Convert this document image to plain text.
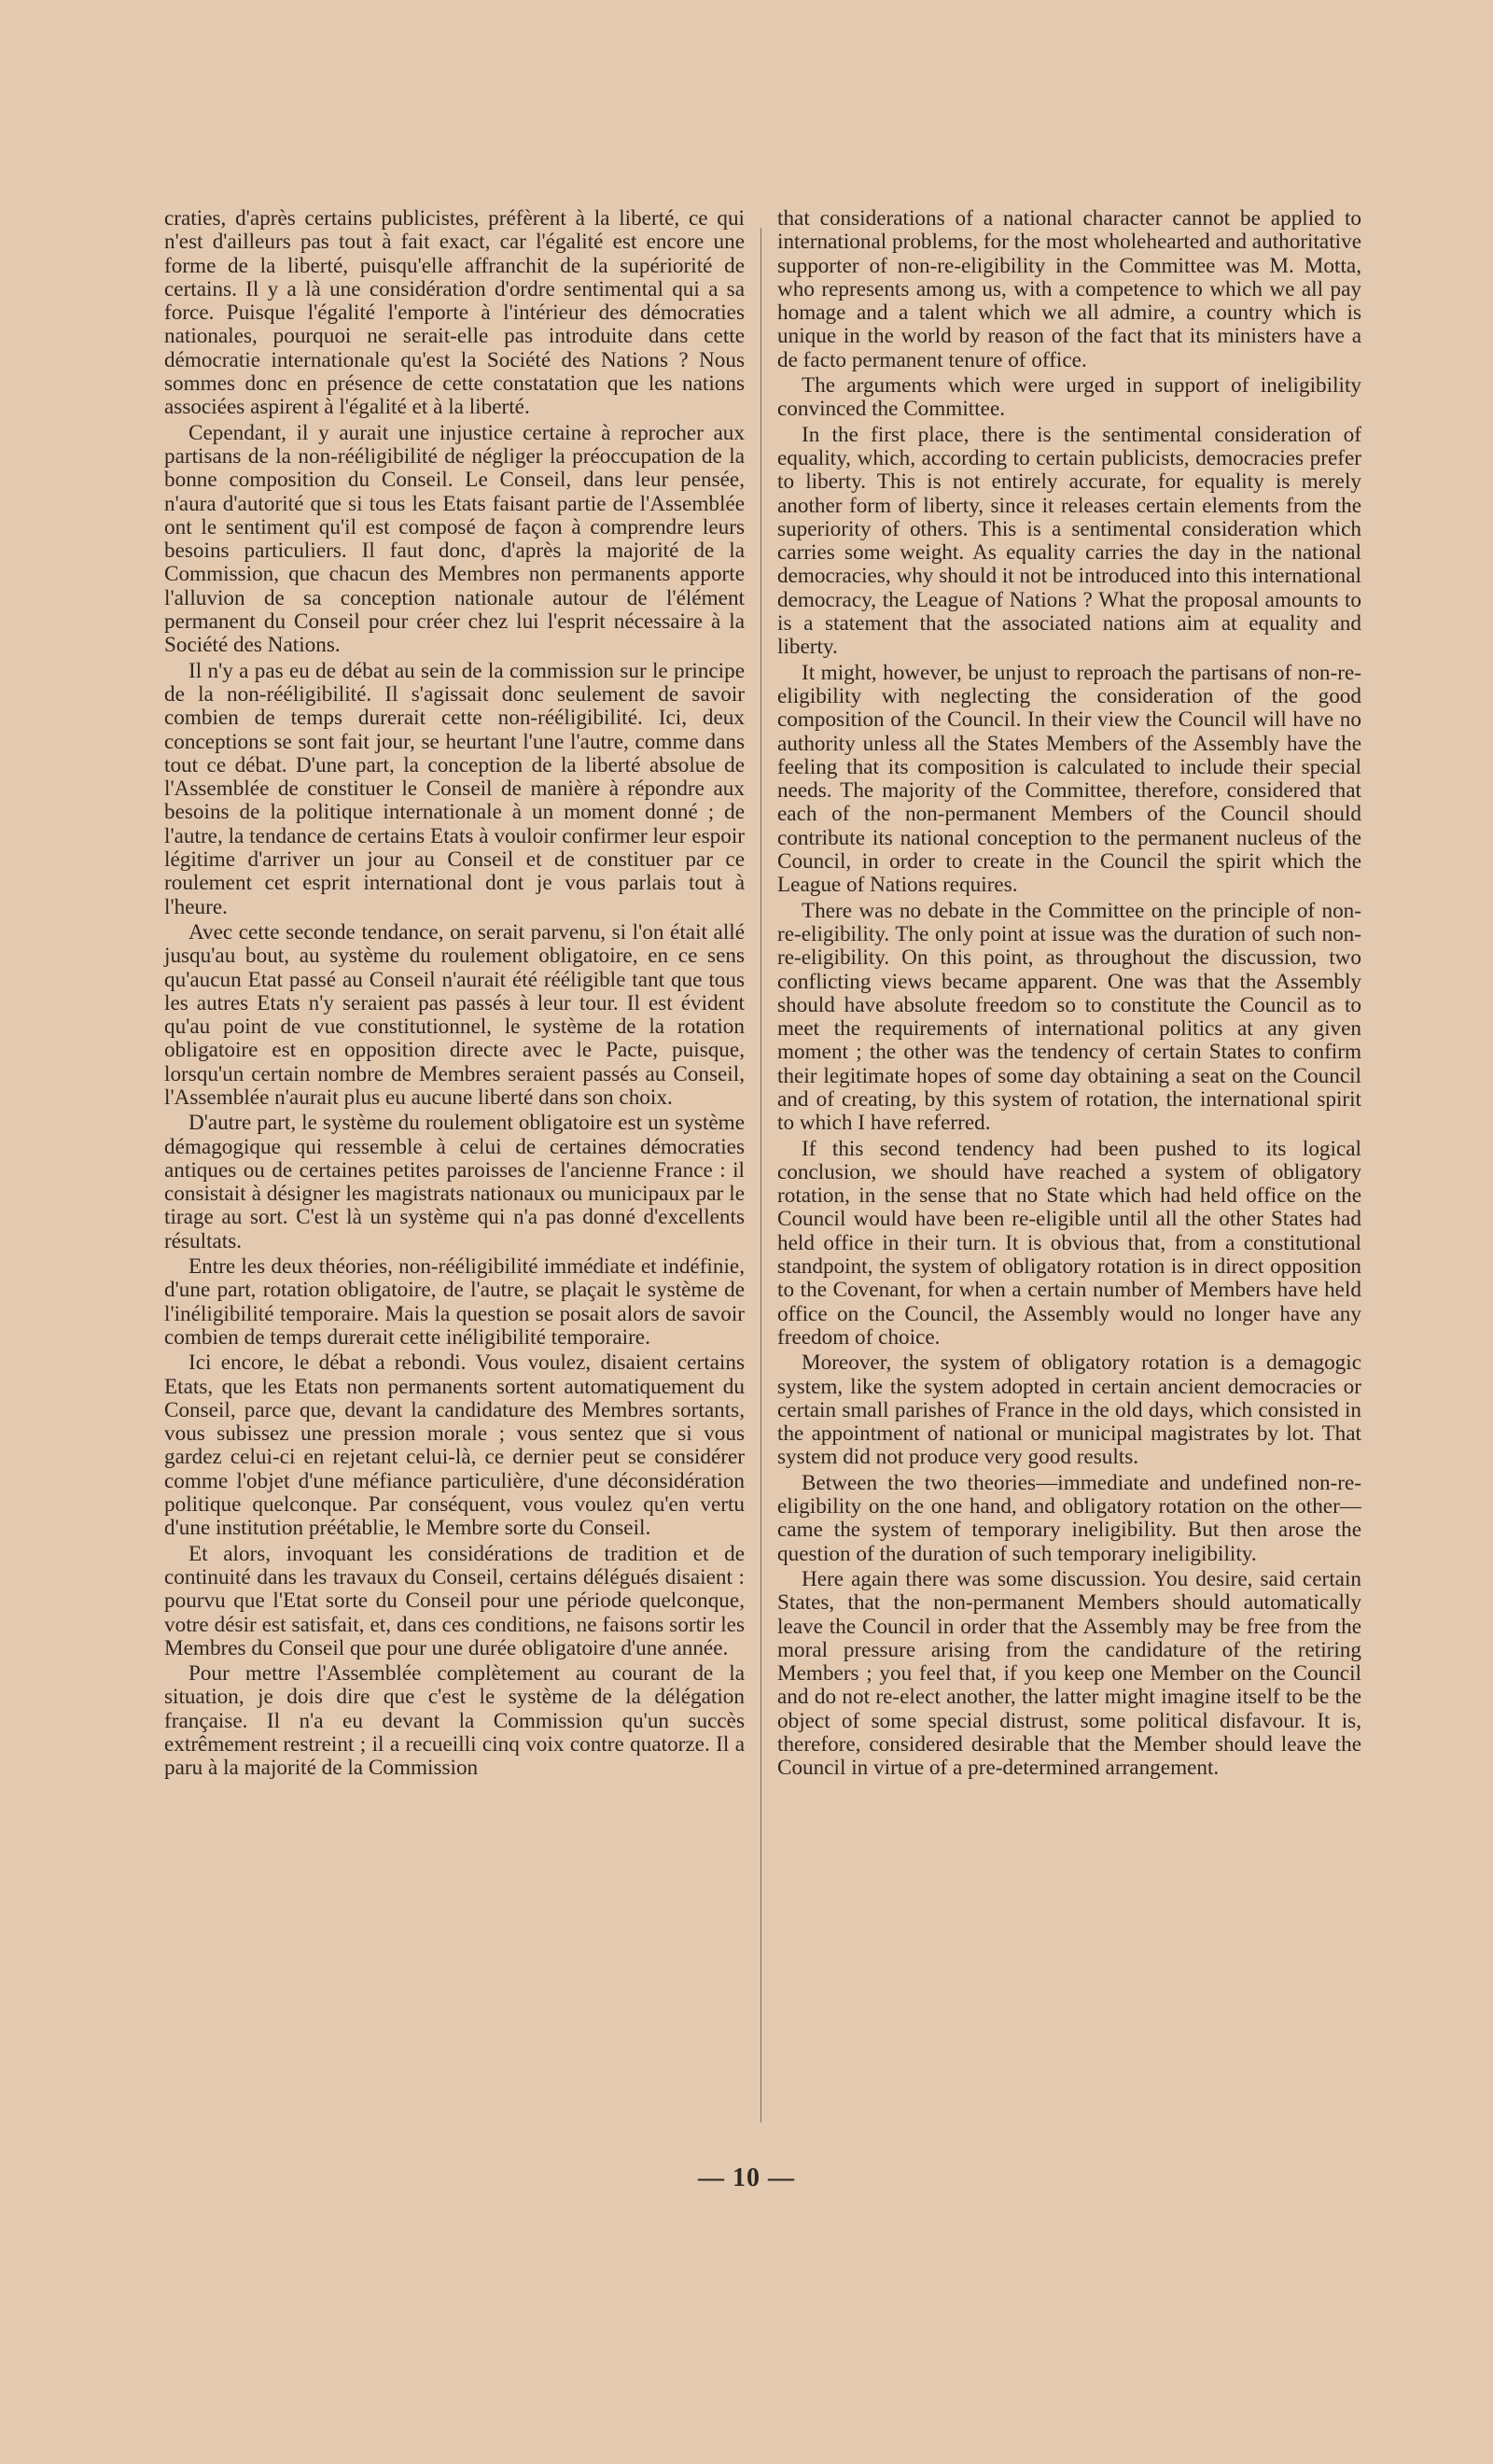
craties, d'après certains publicistes, préfèrent à la liberté, ce qui n'est d'ailleurs pas tout à fait exact, car l'égalité est encore une forme de la liberté, puisqu'elle affranchit de la supériorité de certains. Il y a là une considération d'ordre sentimental qui a sa force. Puisque l'égalité l'emporte à l'intérieur des démocraties nationales, pourquoi ne serait-elle pas introduite dans cette démocratie internationale qu'est la Société des Nations ? Nous sommes donc en présence de cette constatation que les nations associées aspirent à l'égalité et à la liberté.

Cependant, il y aurait une injustice certaine à reprocher aux partisans de la non-rééligibilité de négliger la préoccupation de la bonne composition du Conseil. Le Conseil, dans leur pensée, n'aura d'autorité que si tous les Etats faisant partie de l'Assemblée ont le sentiment qu'il est composé de façon à comprendre leurs besoins particuliers. Il faut donc, d'après la majorité de la Commission, que chacun des Membres non permanents apporte l'alluvion de sa conception nationale autour de l'élément permanent du Conseil pour créer chez lui l'esprit nécessaire à la Société des Nations.

Il n'y a pas eu de débat au sein de la commission sur le principe de la non-rééligibilité. Il s'agissait donc seulement de savoir combien de temps durerait cette non-rééligibilité. Ici, deux conceptions se sont fait jour, se heurtant l'une l'autre, comme dans tout ce débat. D'une part, la conception de la liberté absolue de l'Assemblée de constituer le Conseil de manière à répondre aux besoins de la politique internationale à un moment donné ; de l'autre, la tendance de certains Etats à vouloir confirmer leur espoir légitime d'arriver un jour au Conseil et de constituer par ce roulement cet esprit international dont je vous parlais tout à l'heure.

Avec cette seconde tendance, on serait parvenu, si l'on était allé jusqu'au bout, au système du roulement obligatoire, en ce sens qu'aucun Etat passé au Conseil n'aurait été rééligible tant que tous les autres Etats n'y seraient pas passés à leur tour. Il est évident qu'au point de vue constitutionnel, le système de la rotation obligatoire est en opposition directe avec le Pacte, puisque, lorsqu'un certain nombre de Membres seraient passés au Conseil, l'Assemblée n'aurait plus eu aucune liberté dans son choix.

D'autre part, le système du roulement obligatoire est un système démagogique qui ressemble à celui de certaines démocraties antiques ou de certaines petites paroisses de l'ancienne France : il consistait à désigner les magistrats nationaux ou municipaux par le tirage au sort. C'est là un système qui n'a pas donné d'excellents résultats.

Entre les deux théories, non-rééligibilité immédiate et indéfinie, d'une part, rotation obligatoire, de l'autre, se plaçait le système de l'inéligibilité temporaire. Mais la question se posait alors de savoir combien de temps durerait cette inéligibilité temporaire.

Ici encore, le débat a rebondi. Vous voulez, disaient certains Etats, que les Etats non permanents sortent automatiquement du Conseil, parce que, devant la candidature des Membres sortants, vous subissez une pression morale ; vous sentez que si vous gardez celui-ci en rejetant celui-là, ce dernier peut se considérer comme l'objet d'une méfiance particulière, d'une déconsidération politique quelconque. Par conséquent, vous voulez qu'en vertu d'une institution préétablie, le Membre sorte du Conseil.

Et alors, invoquant les considérations de tradition et de continuité dans les travaux du Conseil, certains délégués disaient : pourvu que l'Etat sorte du Conseil pour une période quelconque, votre désir est satisfait, et, dans ces conditions, ne faisons sortir les Membres du Conseil que pour une durée obligatoire d'une année.

Pour mettre l'Assemblée complètement au courant de la situation, je dois dire que c'est le système de la délégation française. Il n'a eu devant la Commission qu'un succès extrêmement restreint ; il a recueilli cinq voix contre quatorze. Il a paru à la majorité de la Commission

that considerations of a national character cannot be applied to international problems, for the most wholehearted and authoritative supporter of non-re-eligibility in the Committee was M. Motta, who represents among us, with a competence to which we all pay homage and a talent which we all admire, a country which is unique in the world by reason of the fact that its ministers have a de facto permanent tenure of office.

The arguments which were urged in support of ineligibility convinced the Committee.

In the first place, there is the sentimental consideration of equality, which, according to certain publicists, democracies prefer to liberty. This is not entirely accurate, for equality is merely another form of liberty, since it releases certain elements from the superiority of others. This is a sentimental consideration which carries some weight. As equality carries the day in the national democracies, why should it not be introduced into this international democracy, the League of Nations ? What the proposal amounts to is a statement that the associated nations aim at equality and liberty.

It might, however, be unjust to reproach the partisans of non-re-eligibility with neglecting the consideration of the good composition of the Council. In their view the Council will have no authority unless all the States Members of the Assembly have the feeling that its composition is calculated to include their special needs. The majority of the Committee, therefore, considered that each of the non-permanent Members of the Council should contribute its national conception to the permanent nucleus of the Council, in order to create in the Council the spirit which the League of Nations requires.

There was no debate in the Committee on the principle of non-re-eligibility. The only point at issue was the duration of such non-re-eligibility. On this point, as throughout the discussion, two conflicting views became apparent. One was that the Assembly should have absolute freedom so to constitute the Council as to meet the requirements of international politics at any given moment ; the other was the tendency of certain States to confirm their legitimate hopes of some day obtaining a seat on the Council and of creating, by this system of rotation, the international spirit to which I have referred.

If this second tendency had been pushed to its logical conclusion, we should have reached a system of obligatory rotation, in the sense that no State which had held office on the Council would have been re-eligible until all the other States had held office in their turn. It is obvious that, from a constitutional standpoint, the system of obligatory rotation is in direct opposition to the Covenant, for when a certain number of Members have held office on the Council, the Assembly would no longer have any freedom of choice.

Moreover, the system of obligatory rotation is a demagogic system, like the system adopted in certain ancient democracies or certain small parishes of France in the old days, which consisted in the appointment of national or municipal magistrates by lot. That system did not produce very good results.

Between the two theories—immediate and undefined non-re-eligibility on the one hand, and obligatory rotation on the other—came the system of temporary ineligibility. But then arose the question of the duration of such temporary ineligibility.

Here again there was some discussion. You desire, said certain States, that the non-permanent Members should automatically leave the Council in order that the Assembly may be free from the moral pressure arising from the candidature of the retiring Members ; you feel that, if you keep one Member on the Council and do not re-elect another, the latter might imagine itself to be the object of some special distrust, some political disfavour. It is, therefore, considered desirable that the Member should leave the Council in virtue of a pre-determined arrangement.

— 10 —
